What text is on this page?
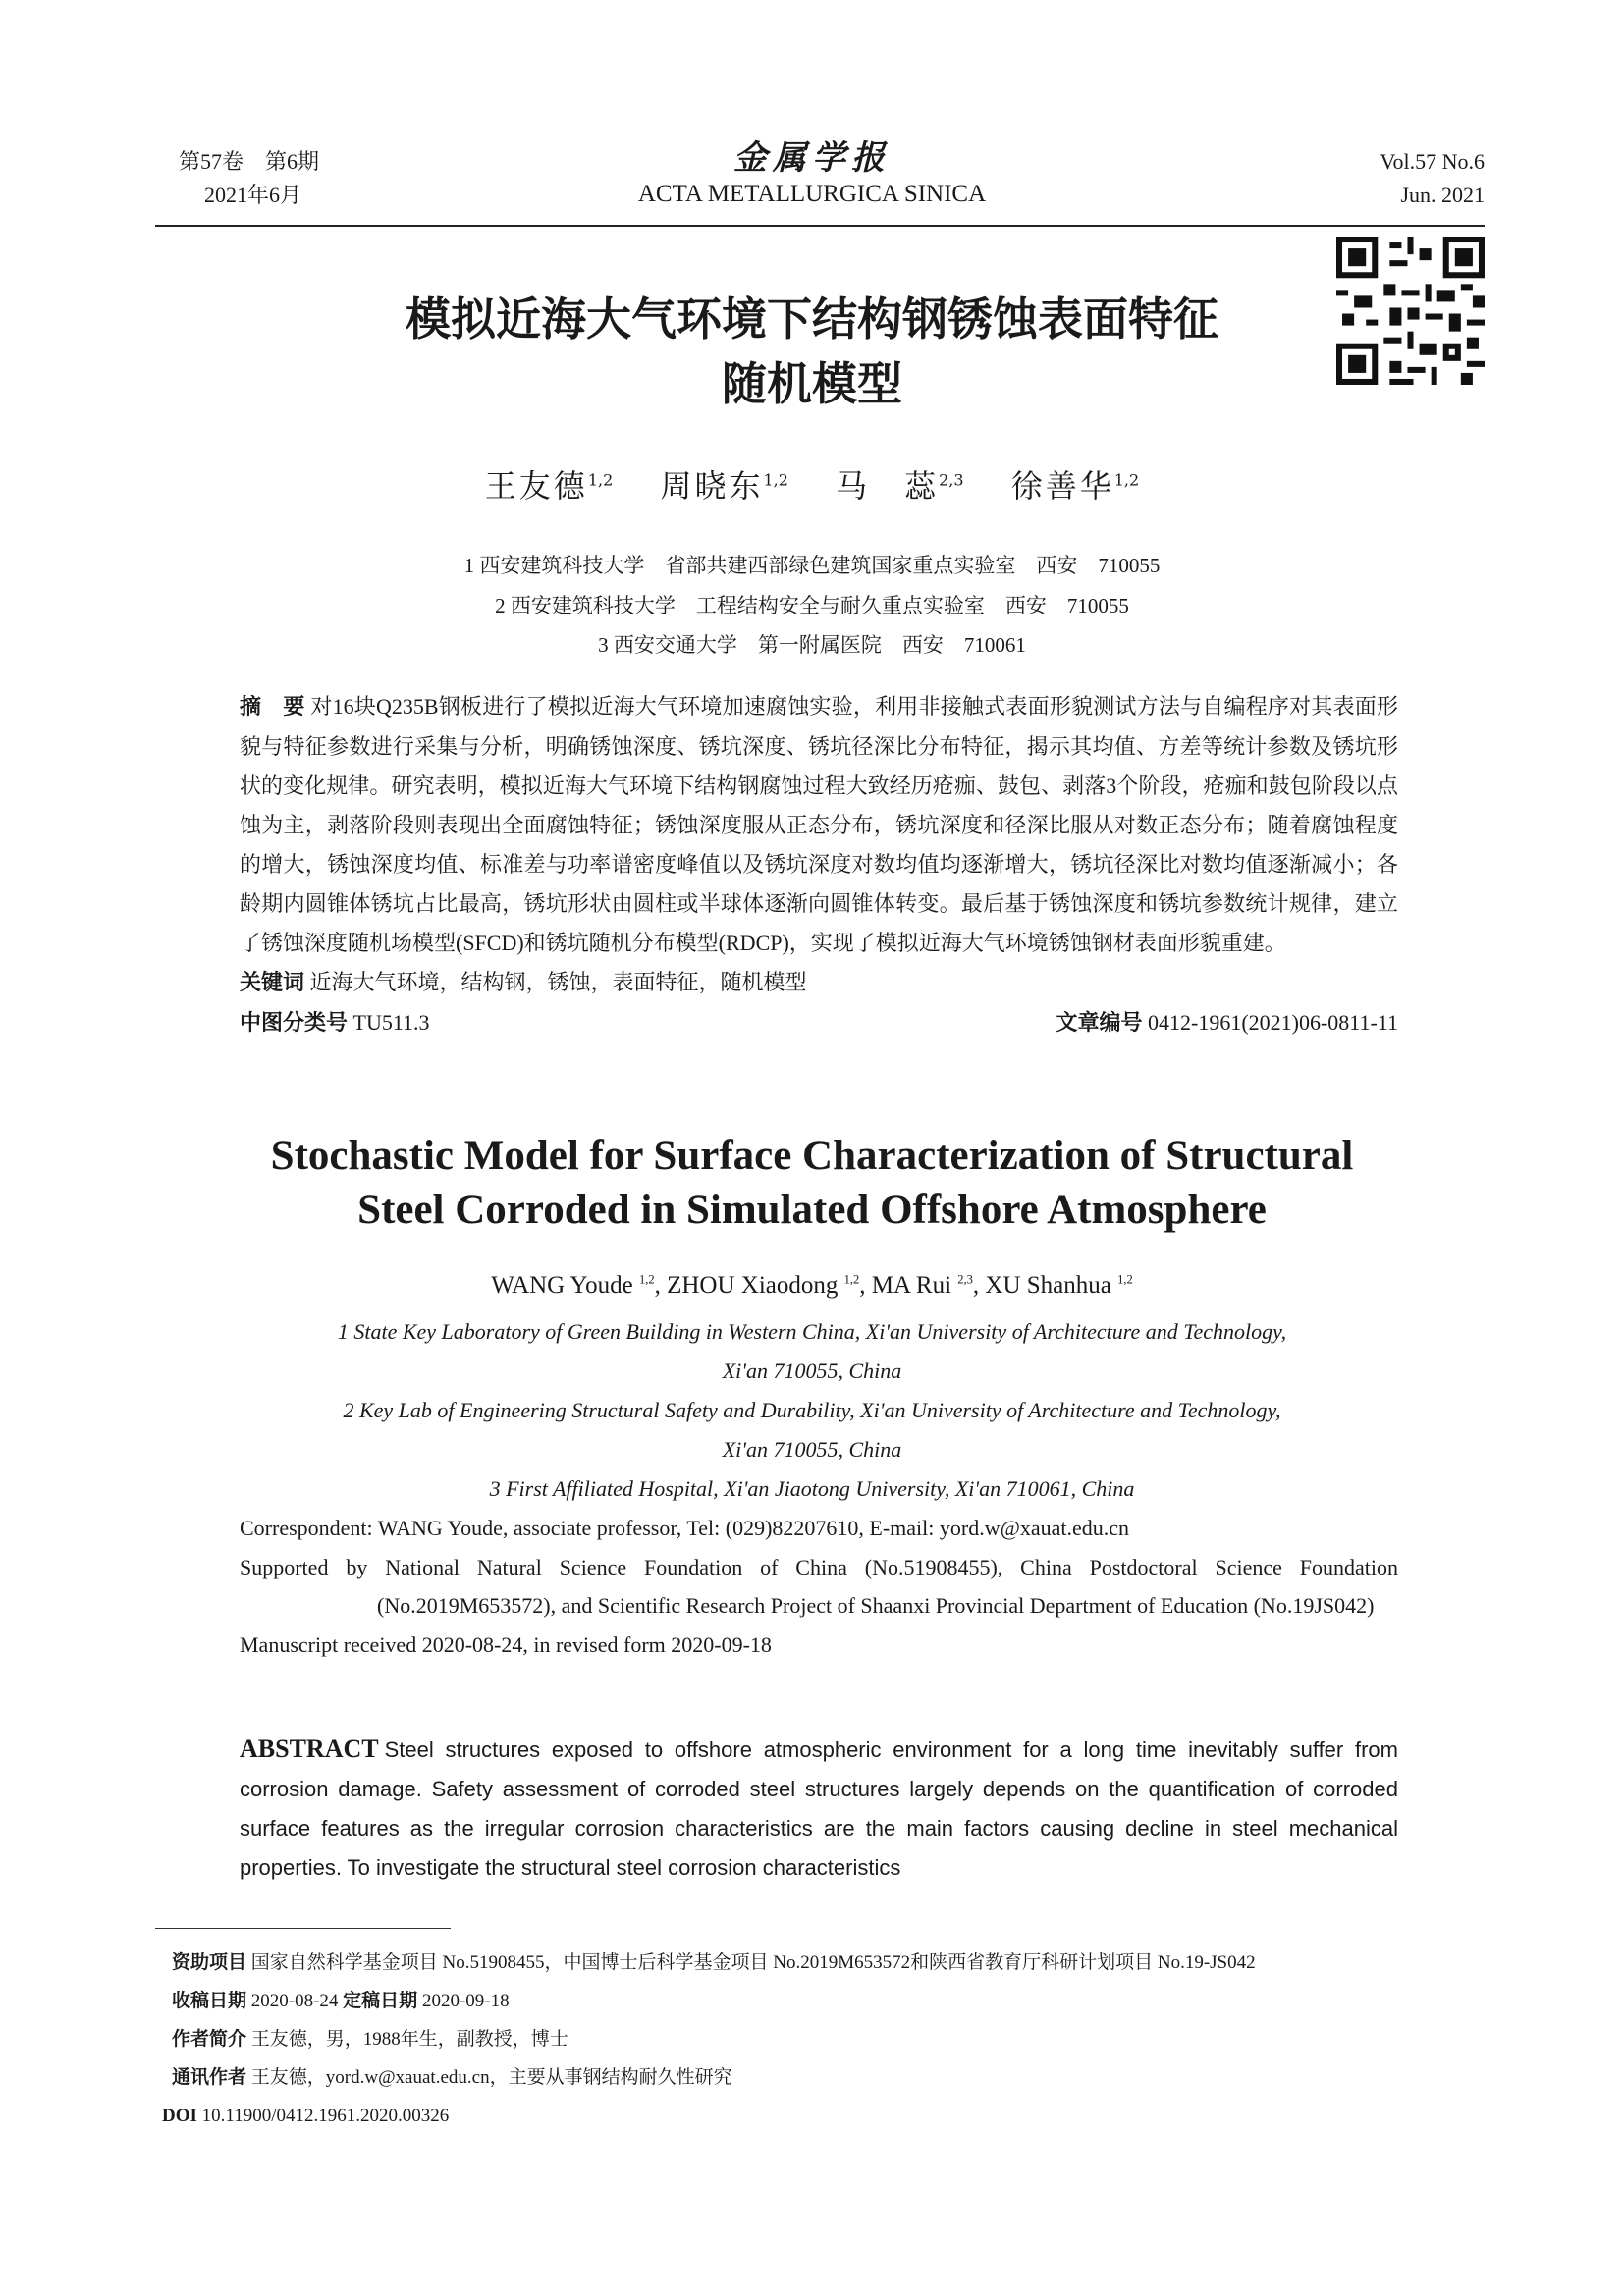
第57卷　第6期
2021年6月
金属学报
ACTA METALLURGICA SINICA
Vol.57 No.6
Jun. 2021
模拟近海大气环境下结构钢锈蚀表面特征
随机模型
王友德$^{1,2}$  周晓东$^{1,2}$  马　蕊$^{2,3}$  徐善华$^{1,2}$
1 西安建筑科技大学　省部共建西部绿色建筑国家重点实验室　西安　710055
2 西安建筑科技大学　工程结构安全与耐久重点实验室　西安　710055
3 西安交通大学　第一附属医院　西安　710061
摘　要 对16块Q235B钢板进行了模拟近海大气环境加速腐蚀实验，利用非接触式表面形貌测试方法与自编程序对其表面形貌与特征参数进行采集与分析，明确锈蚀深度、锈坑深度、锈坑径深比分布特征，揭示其均值、方差等统计参数及锈坑形状的变化规律。研究表明，模拟近海大气环境下结构钢腐蚀过程大致经历疮痂、鼓包、剥落3个阶段，疮痂和鼓包阶段以点蚀为主，剥落阶段则表现出全面腐蚀特征；锈蚀深度服从正态分布，锈坑深度和径深比服从对数正态分布；随着腐蚀程度的增大，锈蚀深度均值、标准差与功率谱密度峰值以及锈坑深度对数均值均逐渐增大，锈坑径深比对数均值逐渐减小；各龄期内圆锥体锈坑占比最高，锈坑形状由圆柱或半球体逐渐向圆锥体转变。最后基于锈蚀深度和锈坑参数统计规律，建立了锈蚀深度随机场模型(SFCD)和锈坑随机分布模型(RDCP)，实现了模拟近海大气环境锈蚀钢材表面形貌重建。
关键词 近海大气环境，结构钢，锈蚀，表面特征，随机模型
中图分类号 TU511.3	文章编号 0412-1961(2021)06-0811-11
Stochastic Model for Surface Characterization of Structural
Steel Corroded in Simulated Offshore Atmosphere
WANG Youde $^{1,2}$, ZHOU Xiaodong $^{1,2}$, MA Rui $^{2,3}$, XU Shanhua $^{1,2}$
1 State Key Laboratory of Green Building in Western China, Xi'an University of Architecture and Technology,
Xi'an 710055, China
2 Key Lab of Engineering Structural Safety and Durability, Xi'an University of Architecture and Technology,
Xi'an 710055, China
3 First Affiliated Hospital, Xi'an Jiaotong University, Xi'an 710061, China
Correspondent: WANG Youde, associate professor, Tel: (029)82207610, E-mail: yord.w@xauat.edu.cn
Supported by National Natural Science Foundation of China (No.51908455), China Postdoctoral Science Foundation (No.2019M653572), and Scientific Research Project of Shaanxi Provincial Department of Education (No.19JS042)
Manuscript received 2020-08-24, in revised form 2020-09-18
ABSTRACT Steel structures exposed to offshore atmospheric environment for a long time inevitably suffer from corrosion damage. Safety assessment of corroded steel structures largely depends on the quantification of corroded surface features as the irregular corrosion characteristics are the main factors causing decline in steel mechanical properties. To investigate the structural steel corrosion characteristics
资助项目 国家自然科学基金项目 No.51908455，中国博士后科学基金项目 No.2019M653572和陕西省教育厅科研计划项目 No.19-JS042
收稿日期 2020-08-24 定稿日期 2020-09-18
作者简介 王友德，男，1988年生，副教授，博士
通讯作者 王友德，yord.w@xauat.edu.cn，主要从事钢结构耐久性研究
DOI 10.11900/0412.1961.2020.00326
